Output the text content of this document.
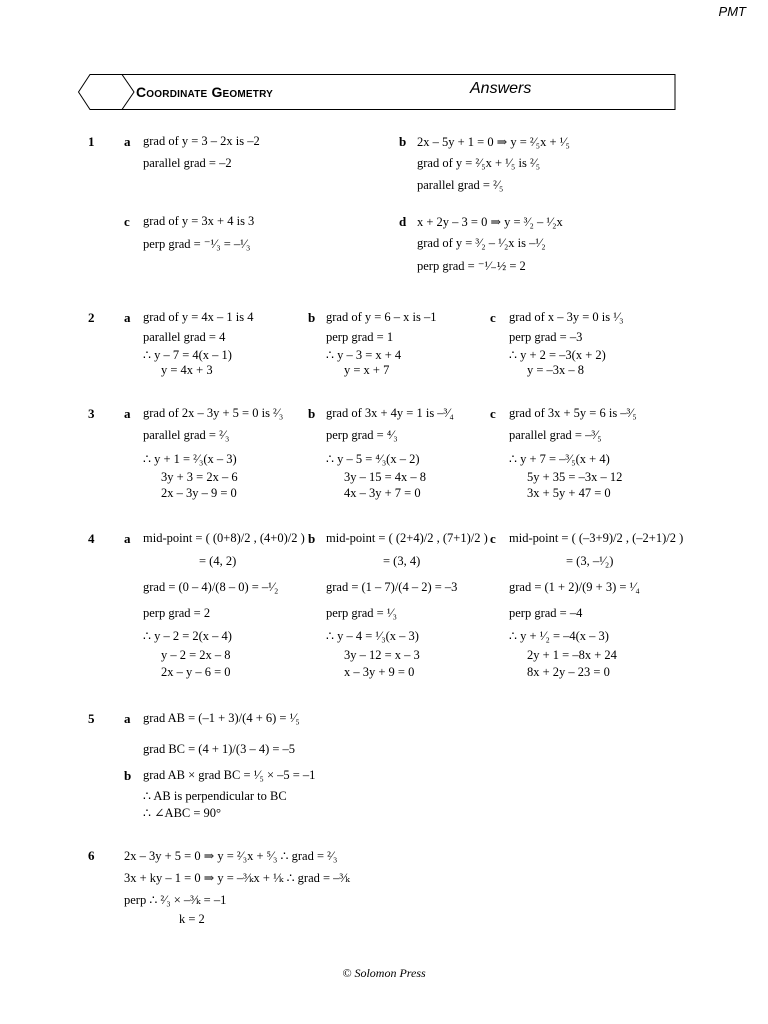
PMT
Coordinate Geometry	Answers
1 a grad of y = 3 – 2x is –2
parallel grad = –2
b 2x – 5y + 1 = 0 ⇒ y = ²⁄₅x + ¹⁄₅
grad of y = ²⁄₅x + ¹⁄₅ is ²⁄₅
parallel grad = ²⁄₅
c grad of y = 3x + 4 is 3
perp grad = ⁻¹⁄₃ = –¹⁄₃
d x + 2y – 3 = 0 ⇒ y = ³⁄₂ – ¹⁄₂x
grad of y = ³⁄₂ – ¹⁄₂x is –¹⁄₂
perp grad = ⁻¹⁄₋½ = 2
2 a grad of y = 4x – 1 is 4
parallel grad = 4
∴ y – 7 = 4(x – 1)
y = 4x + 3
b grad of y = 6 – x is –1
perp grad = 1
∴ y – 3 = x + 4
y = x + 7
c grad of x – 3y = 0 is ¹⁄₃
perp grad = –3
∴ y + 2 = –3(x + 2)
y = –3x – 8
3 a grad of 2x – 3y + 5 = 0 is ²⁄₃
parallel grad = ²⁄₃
∴ y + 1 = ²⁄₃(x – 3)
3y + 3 = 2x – 6
2x – 3y – 9 = 0
b grad of 3x + 4y = 1 is –³⁄₄
perp grad = ⁴⁄₃
∴ y – 5 = ⁴⁄₃(x – 2)
3y – 15 = 4x – 8
4x – 3y + 7 = 0
c grad of 3x + 5y = 6 is –³⁄₅
parallel grad = –³⁄₅
∴ y + 7 = –³⁄₅(x + 4)
5y + 35 = –3x – 12
3x + 5y + 47 = 0
4 a mid-point = ( (0+8)/2 , (4+0)/2 )
= (4, 2)
grad = (0 – 4)/(8 – 0) = –¹⁄₂
perp grad = 2
∴ y – 2 = 2(x – 4)
y – 2 = 2x – 8
2x – y – 6 = 0
b mid-point = ( (2+4)/2 , (7+1)/2 )
= (3, 4)
grad = (1 – 7)/(4 – 2) = –3
perp grad = ¹⁄₃
∴ y – 4 = ¹⁄₃(x – 3)
3y – 12 = x – 3
x – 3y + 9 = 0
c mid-point = ( (–3+9)/2 , (–2+1)/2 )
= (3, –¹⁄₂)
grad = (1 + 2)/(9 + 3) = ¹⁄₄
perp grad = –4
∴ y + ¹⁄₂ = –4(x – 3)
2y + 1 = –8x + 24
8x + 2y – 23 = 0
5 a grad AB = (–1 + 3)/(4 + 6) = ¹⁄₅
grad BC = (4 + 1)/(3 – 4) = –5
b grad AB × grad BC = ¹⁄₅ × –5 = –1
∴ AB is perpendicular to BC
∴ ∠ABC = 90°
6 2x – 3y + 5 = 0 ⇒ y = ²⁄₃x + ⁵⁄₃ ∴ grad = ²⁄₃
3x + ky – 1 = 0 ⇒ y = –³⁄ₖx + ¹⁄ₖ ∴ grad = –³⁄ₖ
perp ∴ ²⁄₃ × –³⁄ₖ = –1
k = 2
© Solomon Press
